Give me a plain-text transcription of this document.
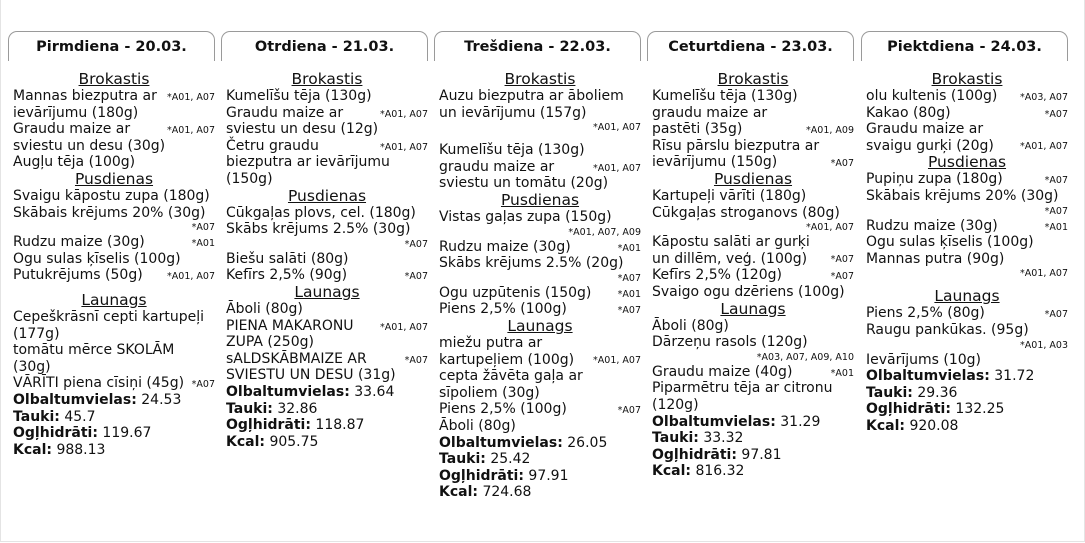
Pirmdiena - 20.03.
Brokastis
*A01, A07
Mannas biezputra ar ievārījumu (180g)
*A01, A07
Graudu maize ar sviestu un desu (30g)
Augļu tēja (100g)
Pusdienas
Svaigu kāpostu zupa (180g)
Skābais krējums 20% (30g)
*A07
*A01
Rudzu maize (30g)
Ogu sulas ķīselis (100g)
*A01, A07
Putukrējums (50g)
Launags
Cepeškrāsnī cepti kartupeļi (177g)
tomātu mērce SKOLĀM (30g)
*A07
VĀRĪTI piena cīsiņi (45g)
Olbaltumvielas: 24.53
Tauki: 45.7
Ogļhidrāti: 119.67
Kcal: 988.13
Otrdiena - 21.03.
Brokastis
Kumelīšu tēja (130g)
*A01, A07
Graudu maize ar sviestu un desu (12g)
*A01, A07
Četru graudu biezputra ar ievārījumu (150g)
Pusdienas
Cūkgaļas plovs, cel. (180g)
Skābs krējums 2.5% (30g)
*A07
Biešu salāti (80g)
*A07
Kefīrs 2,5% (90g)
Launags
Āboli (80g)
*A01, A07
PIENA MAKARONU ZUPA (250g)
*A07
sALDSKĀBMAIZE AR SVIESTU UN DESU (31g)
Olbaltumvielas: 33.64
Tauki: 32.86
Ogļhidrāti: 118.87
Kcal: 905.75
Trešdiena - 22.03.
Brokastis
Auzu biezputra ar āboliem un ievārījumu (157g)
*A01, A07
Kumelīšu tēja (130g)
*A01, A07
graudu maize ar sviestu un tomātu (20g)
Pusdienas
Vistas gaļas zupa (150g)
*A01, A07, A09
*A01
Rudzu maize (30g)
Skābs krējums 2.5% (20g)
*A07
*A01
Ogu uzpūtenis (150g)
*A07
Piens 2,5% (100g)
Launags
*A01, A07
miežu putra ar kartupeļiem (100g)
cepta žāvēta gaļa ar sīpoliem (30g)
*A07
Piens 2,5% (100g)
Āboli (80g)
Olbaltumvielas: 26.05
Tauki: 25.42
Ogļhidrāti: 97.91
Kcal: 724.68
Ceturtdiena - 23.03.
Brokastis
Kumelīšu tēja (130g)
*A01, A09
graudu maize ar pastēti (35g)
*A07
Rīsu pārslu biezputra ar ievārījumu (150g)
Pusdienas
Kartupeļi vārīti (180g)
Cūkgaļas stroganovs (80g)
*A01, A07
*A07
Kāpostu salāti ar gurķi un dillēm, veģ. (100g)
*A07
Kefīrs 2,5% (120g)
Svaigo ogu dzēriens (100g)
Launags
Āboli (80g)
Dārzeņu rasols (120g)
*A03, A07, A09, A10
*A01
Graudu maize (40g)
Piparmētru tēja ar citronu (120g)
Olbaltumvielas: 31.29
Tauki: 33.32
Ogļhidrāti: 97.81
Kcal: 816.32
Piektdiena - 24.03.
Brokastis
*A03, A07
olu kultenis (100g)
*A07
Kakao (80g)
*A01, A07
Graudu maize ar svaigu gurķi (20g)
Pusdienas
*A07
Pupiņu zupa (180g)
Skābais krējums 20% (30g)
*A07
*A01
Rudzu maize (30g)
Ogu sulas ķīselis (100g)
Mannas putra (90g)
*A01, A07
Launags
*A07
Piens 2,5% (80g)
Raugu pankūkas. (95g)
*A01, A03
Ievārījums (10g)
Olbaltumvielas: 31.72
Tauki: 29.36
Ogļhidrāti: 132.25
Kcal: 920.08
